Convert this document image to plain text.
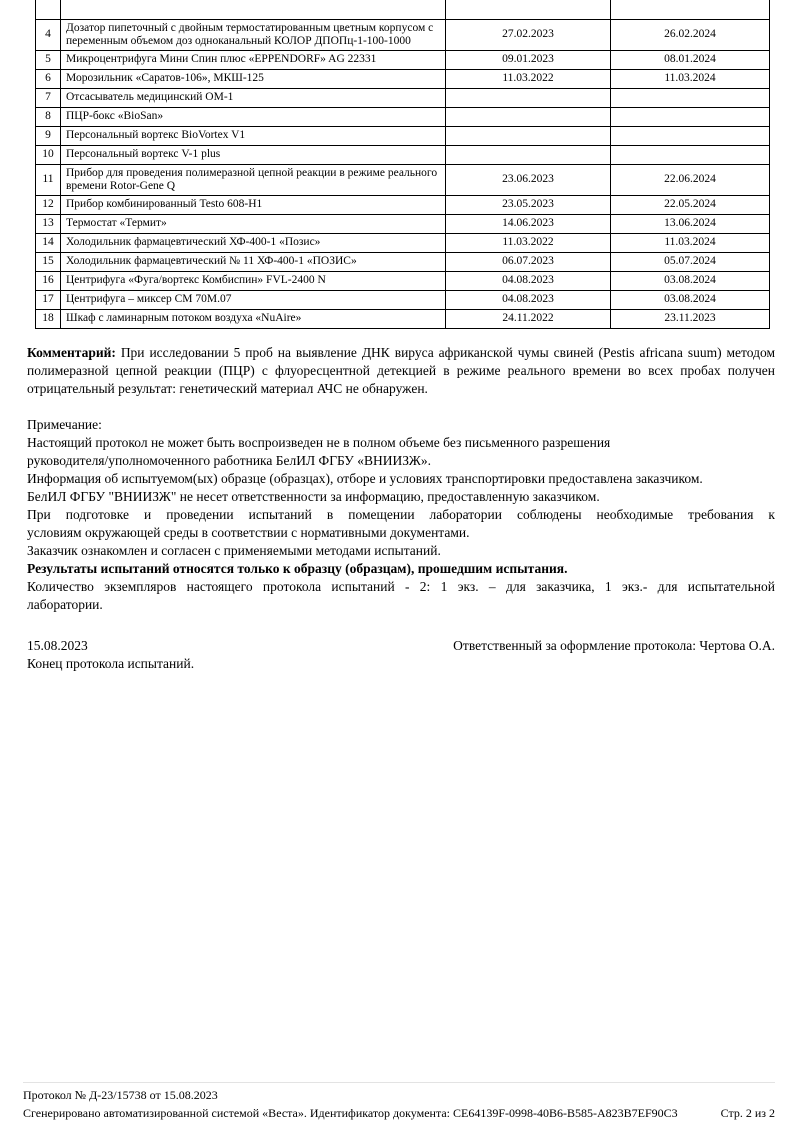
4	Дозатор пипеточный с двойным термостатированным цветным корпусом с переменным объемом доз одноканальный КОЛОР ДПОПц-1-100-1000	27.02.2023	26.02.2024
5	Микроцентрифуга Мини Спин плюс «EPPENDORF» AG 22331	09.01.2023	08.01.2024
6	Морозильник «Саратов-106», МКШ-125	11.03.2022	11.03.2024
7	Отсасыватель медицинский ОМ-1		
8	ПЦР-бокс «BioSan»		
9	Персональный вортекс BioVortex V1		
10	Персональный вортекс V-1 plus		
11	Прибор для проведения полимеразной цепной реакции в режиме реального времени Rotor-Gene Q	23.06.2023	22.06.2024
12	Прибор комбинированный Testo 608-H1	23.05.2023	22.05.2024
13	Термостат «Термит»	14.06.2023	13.06.2024
14	Холодильник фармацевтический ХФ-400-1 «Позис»	11.03.2022	11.03.2024
15	Холодильник фармацевтический № 11 ХФ-400-1 «ПОЗИС»	06.07.2023	05.07.2024
16	Центрифуга «Фуга/вортекс Комбиспин» FVL-2400 N	04.08.2023	03.08.2024
17	Центрифуга – миксер СМ 70М.07	04.08.2023	03.08.2024
18	Шкаф с ламинарным потоком воздуха «NuAire»	24.11.2022	23.11.2023

Комментарий: При исследовании 5 проб на выявление ДНК вируса африканской чумы свиней (Pestis africana suum) методом полимеразной цепной реакции (ПЦР) с флуоресцентной детекцией в режиме реального времени во всех пробах получен отрицательный результат: генетический материал АЧС не обнаружен.

Примечание:
Настоящий протокол не может быть воспроизведен не в полном объеме без письменного разрешения
руководителя/уполномоченного работника БелИЛ ФГБУ «ВНИИЗЖ».
Информация об испытуемом(ых) образце (образцах), отборе и условиях транспортировки предоставлена заказчиком.
БелИЛ ФГБУ "ВНИИЗЖ" не несет ответственности за информацию, предоставленную заказчиком.
При подготовке и проведении испытаний в помещении лаборатории соблюдены необходимые требования к
условиям окружающей среды в соответствии с нормативными документами.
Заказчик ознакомлен и согласен с применяемыми методами испытаний.
Результаты испытаний относятся только к образцу (образцам), прошедшим испытания.
Количество экземпляров настоящего протокола испытаний - 2: 1 экз. – для заказчика, 1 экз.- для испытательной
лаборатории.
15.08.2023	Ответственный за оформление протокола: Чертова О.А.
Конец протокола испытаний.
Протокол № Д-23/15738 от 15.08.2023
Сгенерировано автоматизированной системой «Веста». Идентификатор документа: CE64139F-0998-40B6-B585-A823B7EF90C3	Стр. 2 из 2
